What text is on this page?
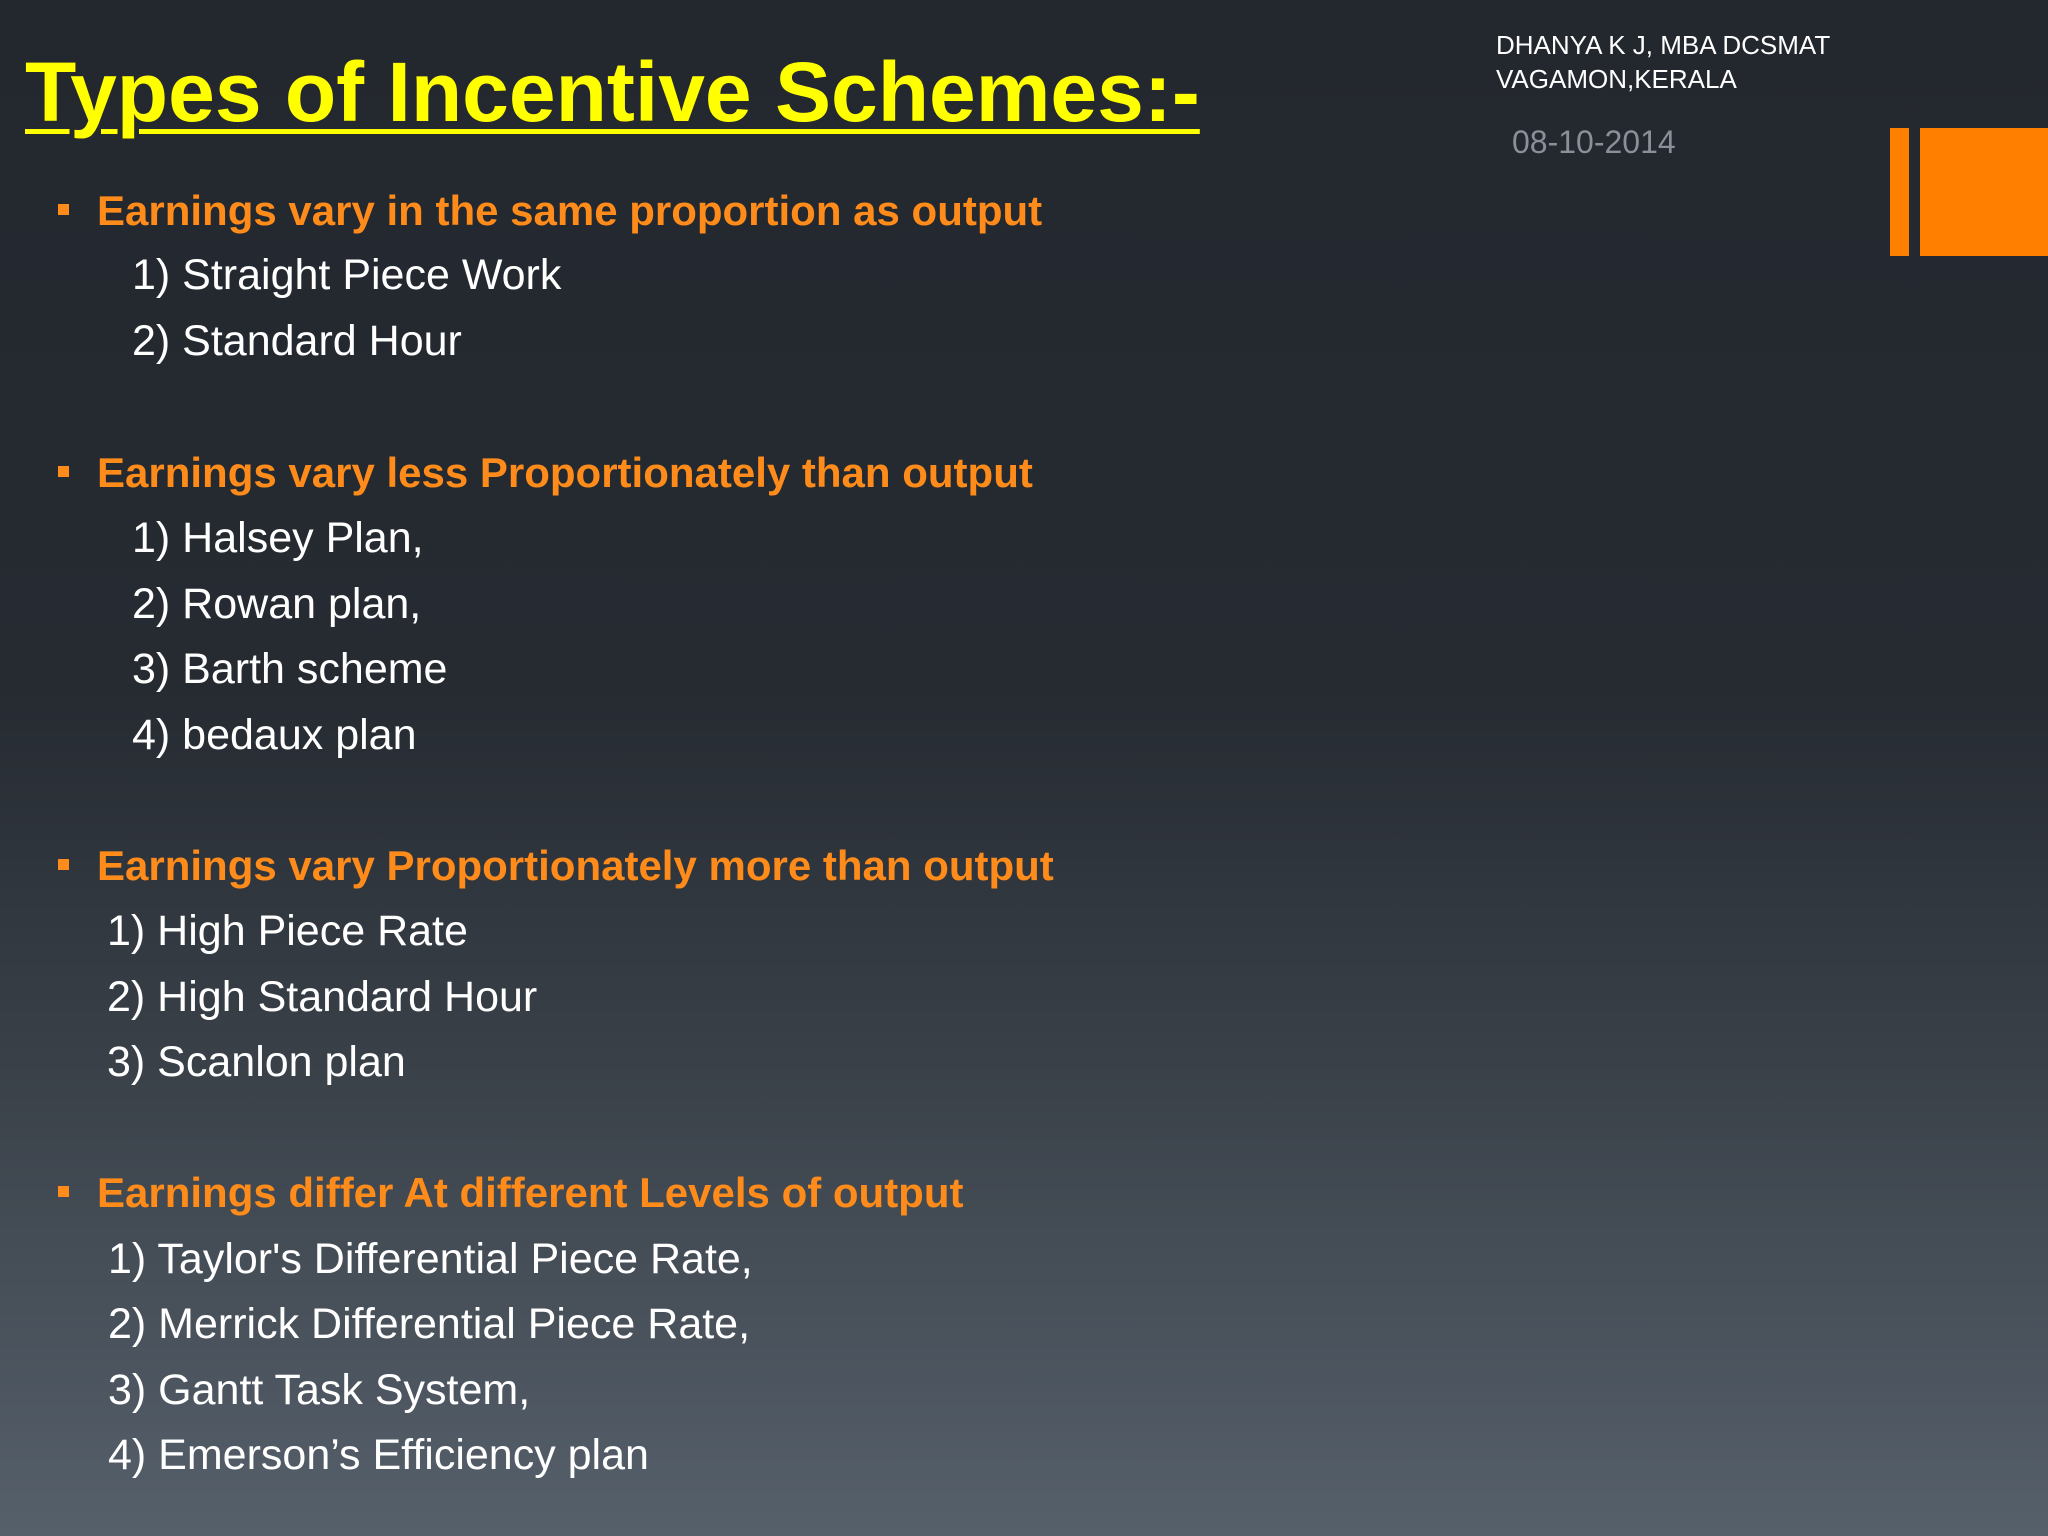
Types of Incentive Schemes:-	DHANYA K J, MBA DCSMAT
VAGAMON,KERALA
08-10-2014
Earnings vary in the same proportion as output
1) Straight Piece Work
2) Standard Hour
Earnings vary less Proportionately than output
1) Halsey Plan,
2) Rowan plan,
3) Barth scheme
4) bedaux plan
Earnings vary Proportionately more than output
1) High Piece Rate
2) High Standard Hour
3) Scanlon plan
Earnings differ At different Levels of output
1) Taylor's Differential Piece Rate,
2) Merrick Differential Piece Rate,
3) Gantt Task System,
4) Emerson’s Efficiency plan
